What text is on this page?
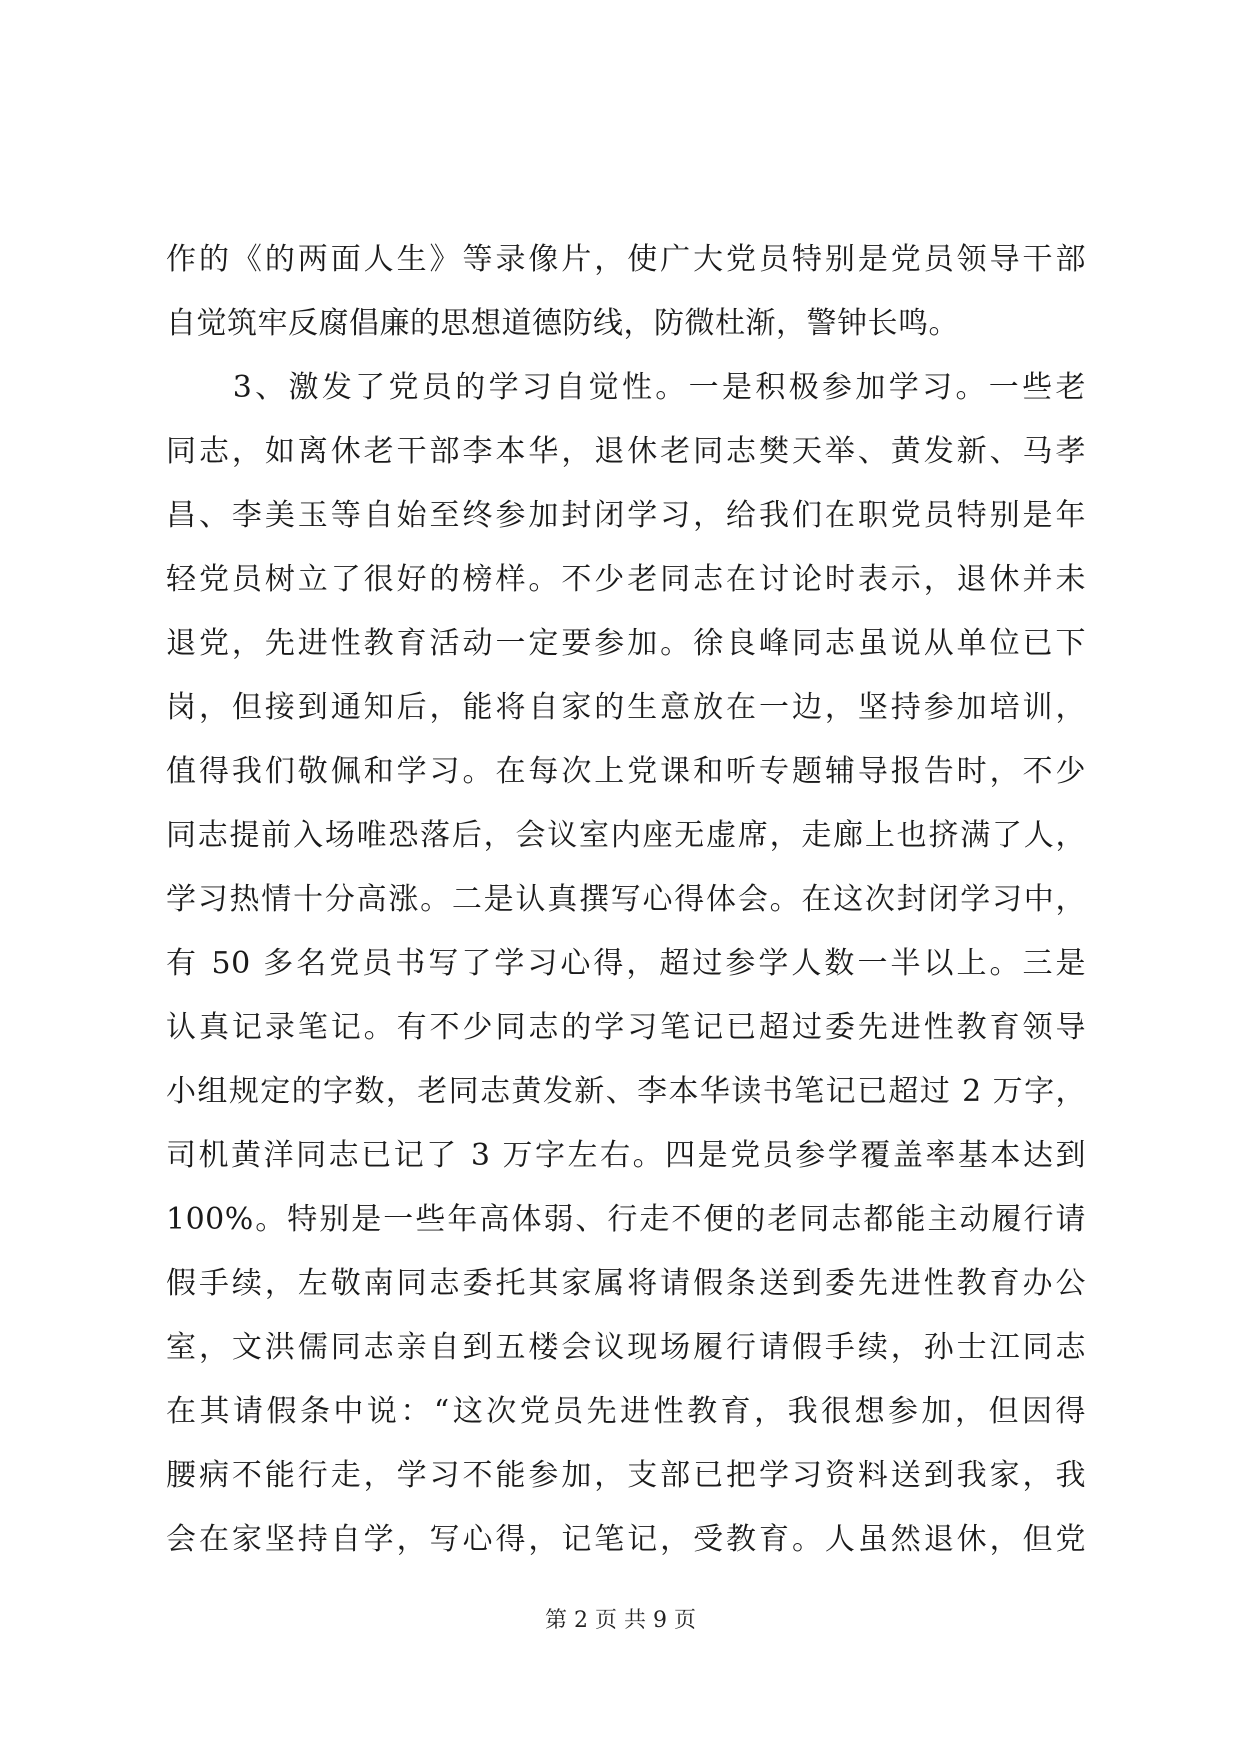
作的《的两面人生》等录像片，使广大党员特别是党员领导干部
自觉筑牢反腐倡廉的思想道德防线，防微杜渐，警钟长鸣。
　　3、激发了党员的学习自觉性。一是积极参加学习。一些老
同志，如离休老干部李本华，退休老同志樊天举、黄发新、马孝
昌、李美玉等自始至终参加封闭学习，给我们在职党员特别是年
轻党员树立了很好的榜样。不少老同志在讨论时表示，退休并未
退党，先进性教育活动一定要参加。徐良峰同志虽说从单位已下
岗，但接到通知后，能将自家的生意放在一边，坚持参加培训，
值得我们敬佩和学习。在每次上党课和听专题辅导报告时，不少
同志提前入场唯恐落后，会议室内座无虚席，走廊上也挤满了人，
学习热情十分高涨。二是认真撰写心得体会。在这次封闭学习中，
有 50 多名党员书写了学习心得，超过参学人数一半以上。三是
认真记录笔记。有不少同志的学习笔记已超过委先进性教育领导
小组规定的字数，老同志黄发新、李本华读书笔记已超过 2 万字，
司机黄洋同志已记了 3 万字左右。四是党员参学覆盖率基本达到
100%。特别是一些年高体弱、行走不便的老同志都能主动履行请
假手续，左敬南同志委托其家属将请假条送到委先进性教育办公
室，文洪儒同志亲自到五楼会议现场履行请假手续，孙士江同志
在其请假条中说：“这次党员先进性教育，我很想参加，但因得
腰病不能行走，学习不能参加，支部已把学习资料送到我家，我
会在家坚持自学，写心得，记笔记，受教育。人虽然退休，但党
第 2 页 共 9 页
